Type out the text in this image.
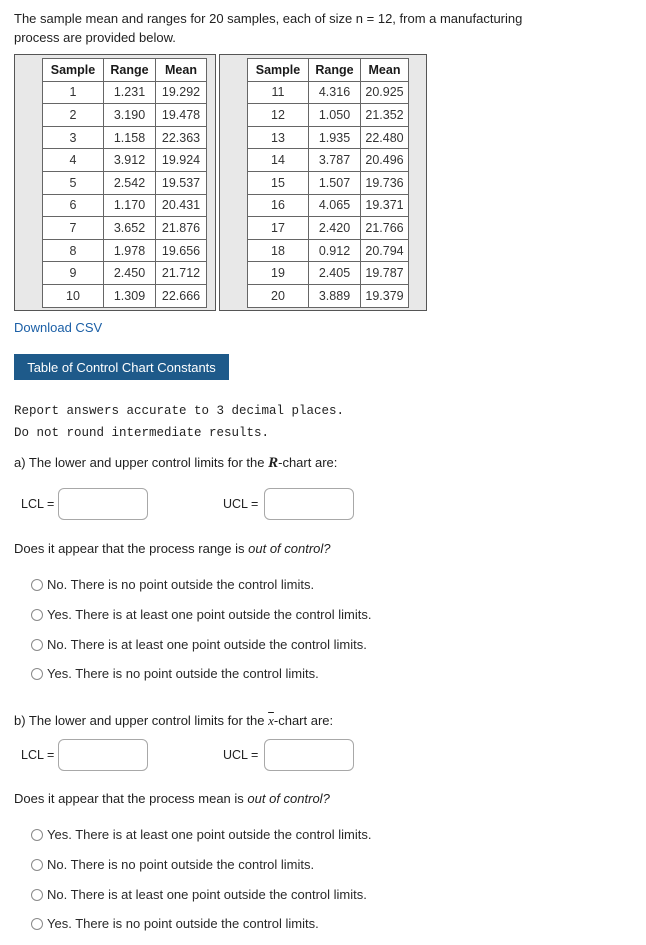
The sample mean and ranges for 20 samples, each of size n = 12, from a manufacturing
process are provided below.
Sample	Range	Mean
1	1.231	19.292
2	3.190	19.478
3	1.158	22.363
4	3.912	19.924
5	2.542	19.537
6	1.170	20.431
7	3.652	21.876
8	1.978	19.656
9	2.450	21.712
10	1.309	22.666
Sample	Range	Mean
11	4.316	20.925
12	1.050	21.352
13	1.935	22.480
14	3.787	20.496
15	1.507	19.736
16	4.065	19.371
17	2.420	21.766
18	0.912	20.794
19	2.405	19.787
20	3.889	19.379
Download CSV
Table of Control Chart Constants
Report answers accurate to 3 decimal places.
Do not round intermediate results.
a) The lower and upper control limits for the R-chart are:
LCL =	UCL =
Does it appear that the process range is out of control?
No. There is no point outside the control limits.
Yes. There is at least one point outside the control limits.
No. There is at least one point outside the control limits.
Yes. There is no point outside the control limits.
b) The lower and upper control limits for the $\overline{x}$-chart are:
LCL =	UCL =
Does it appear that the process mean is out of control?
Yes. There is at least one point outside the control limits.
No. There is no point outside the control limits.
No. There is at least one point outside the control limits.
Yes. There is no point outside the control limits.
